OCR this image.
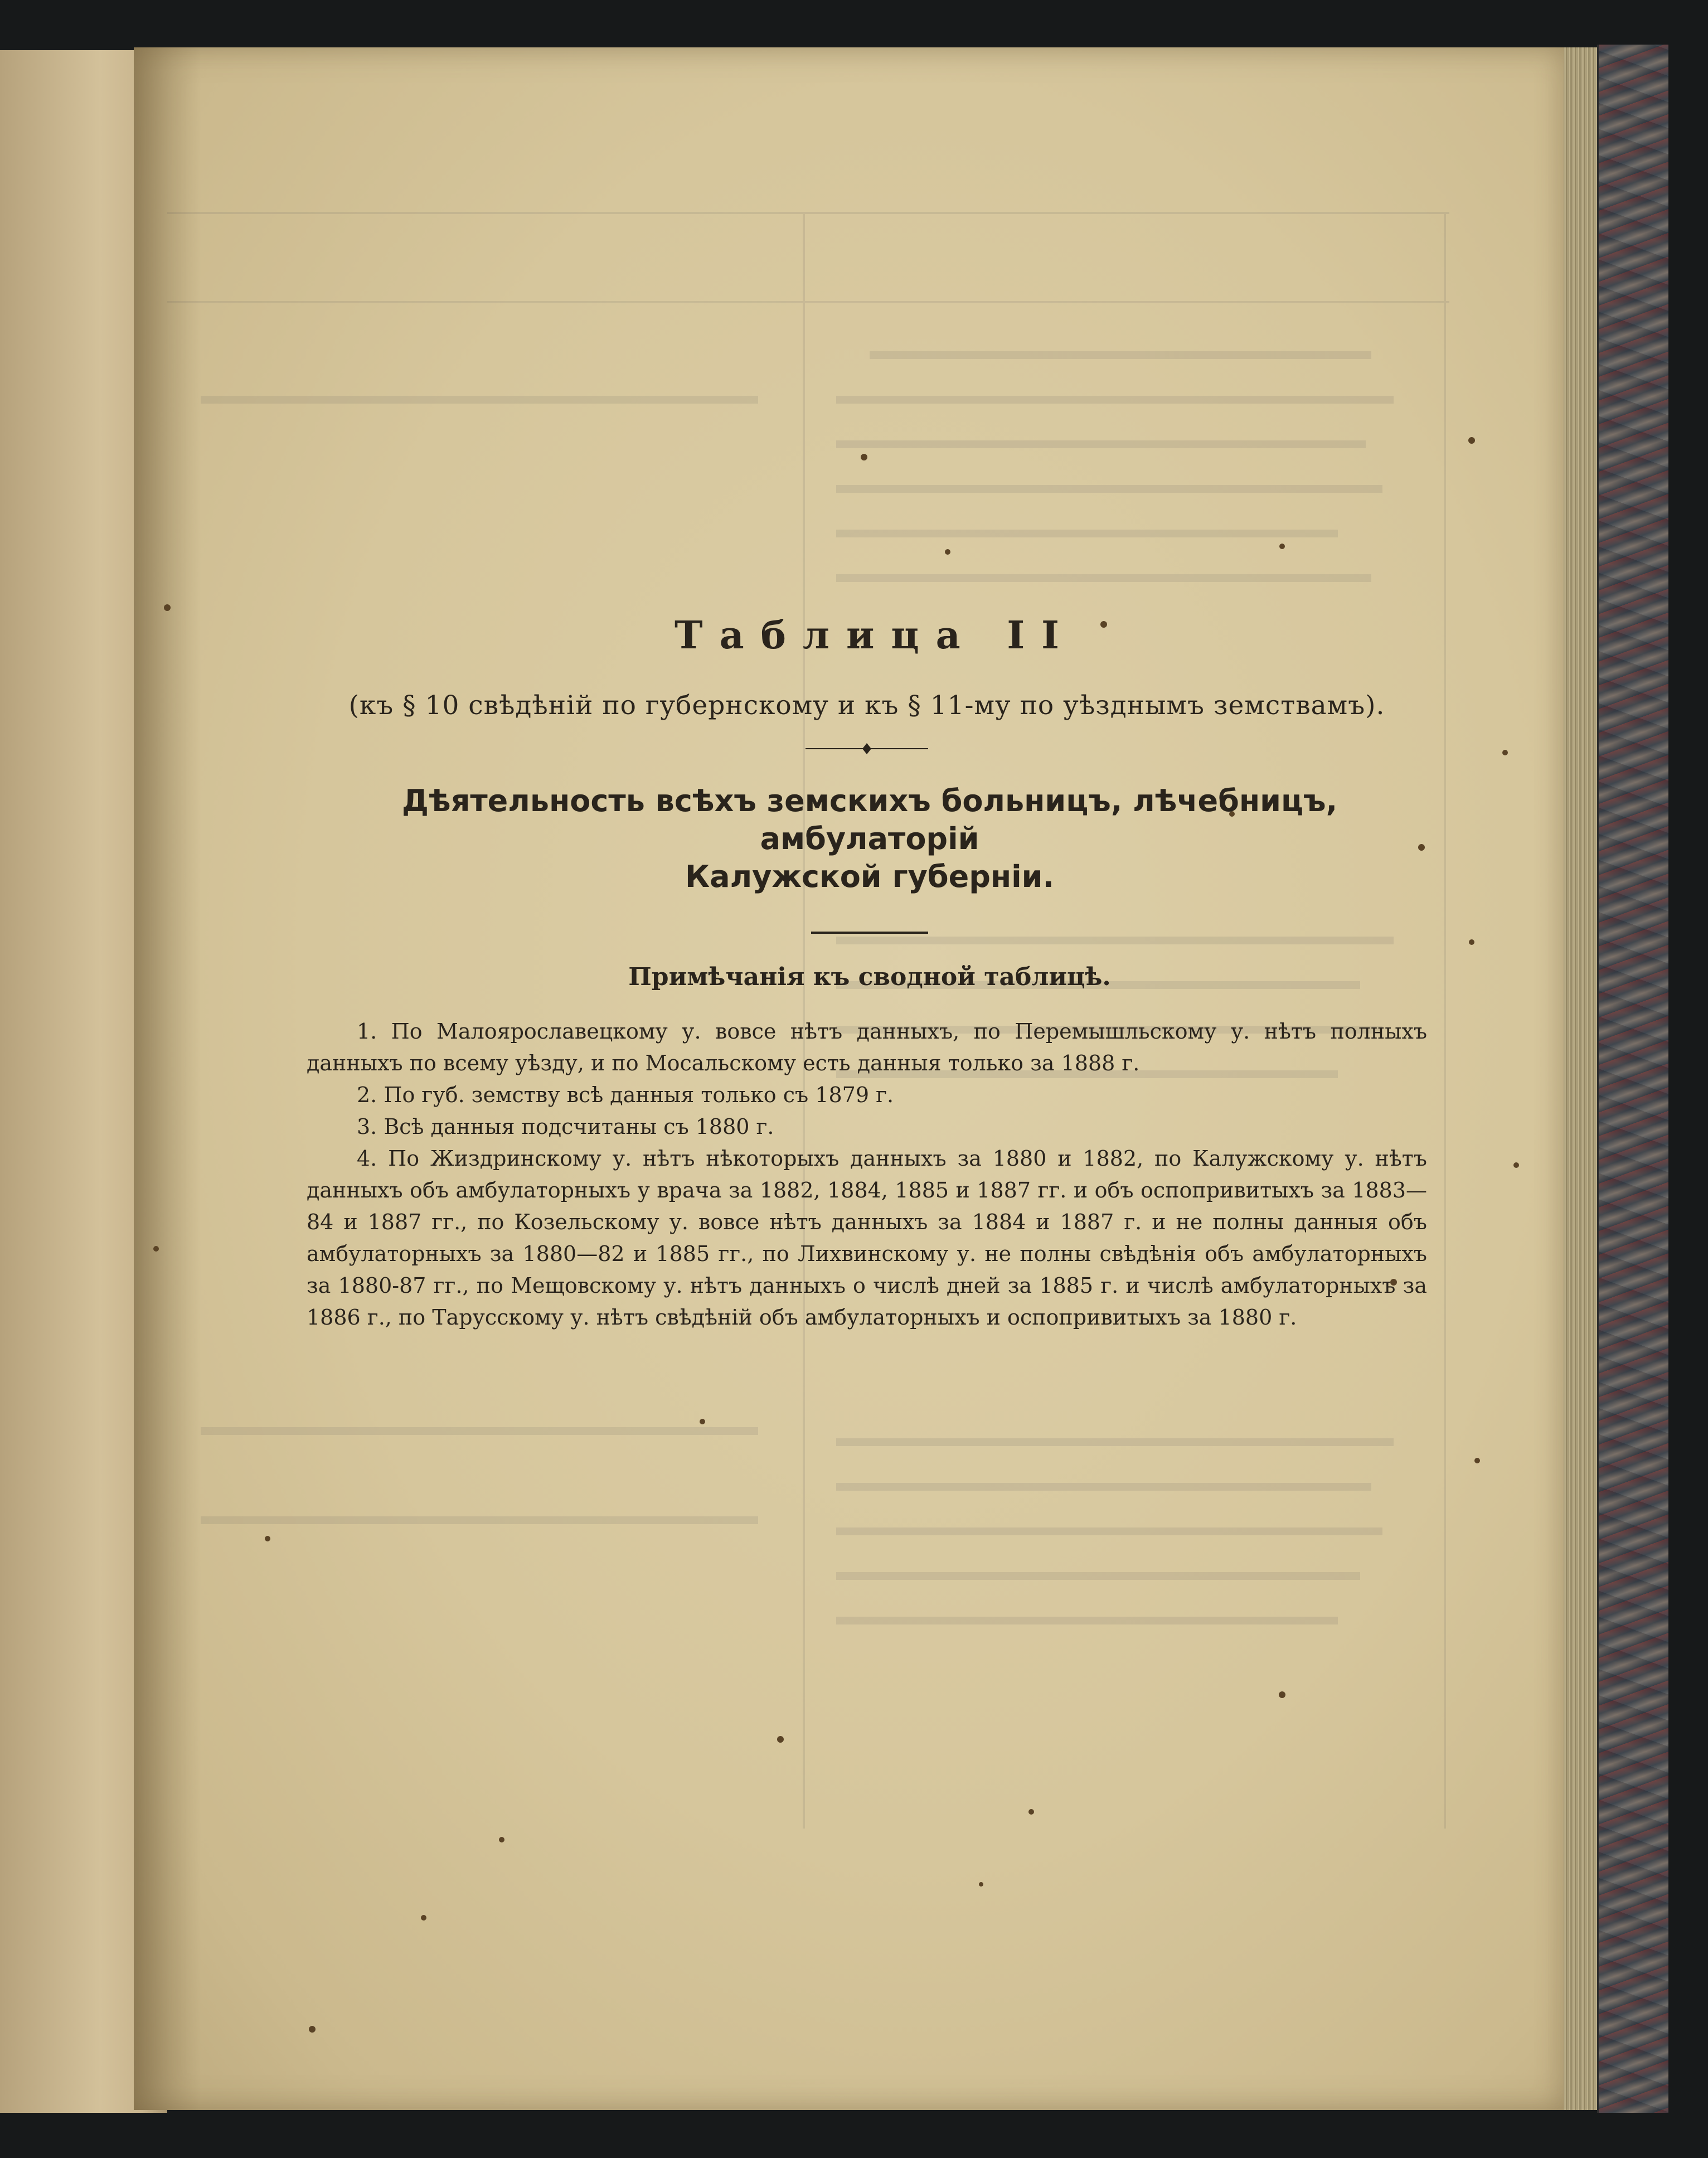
Таблица II
(къ § 10 свѣдѣній по губернскому и къ § 11-му по уѣзднымъ земствамъ).
Дѣятельность всѣхъ земскихъ больницъ, лѣчебницъ, амбулаторій
Калужской губерніи.
Примѣчанія къ сводной таблицѣ.

1. По Малоярославецкому у. вовсе нѣтъ данныхъ, по Перемышльскому у. нѣтъ полныхъ данныхъ по всему уѣзду, и по Мосальскому есть данныя только за 1888 г.

2. По губ. земству всѣ данныя только съ 1879 г.

3. Всѣ данныя подсчитаны съ 1880 г.

4. По Жиздринскому у. нѣтъ нѣкоторыхъ данныхъ за 1880 и 1882, по Калужскому у. нѣтъ данныхъ объ амбулаторныхъ у врача за 1882, 1884, 1885 и 1887 гг. и объ оспопривитыхъ за 1883—84 и 1887 гг., по Козельскому у. вовсе нѣтъ данныхъ за 1884 и 1887 г. и не полны данныя объ амбулаторныхъ за 1880—82 и 1885 гг., по Лихвинскому у. не полны свѣдѣнія объ амбулаторныхъ за 1880-87 гг., по Мещовскому у. нѣтъ данныхъ о числѣ дней за 1885 г. и числѣ амбулаторныхъ за 1886 г., по Тарусскому у. нѣтъ свѣдѣній объ амбулаторныхъ и оспопривитыхъ за 1880 г.
